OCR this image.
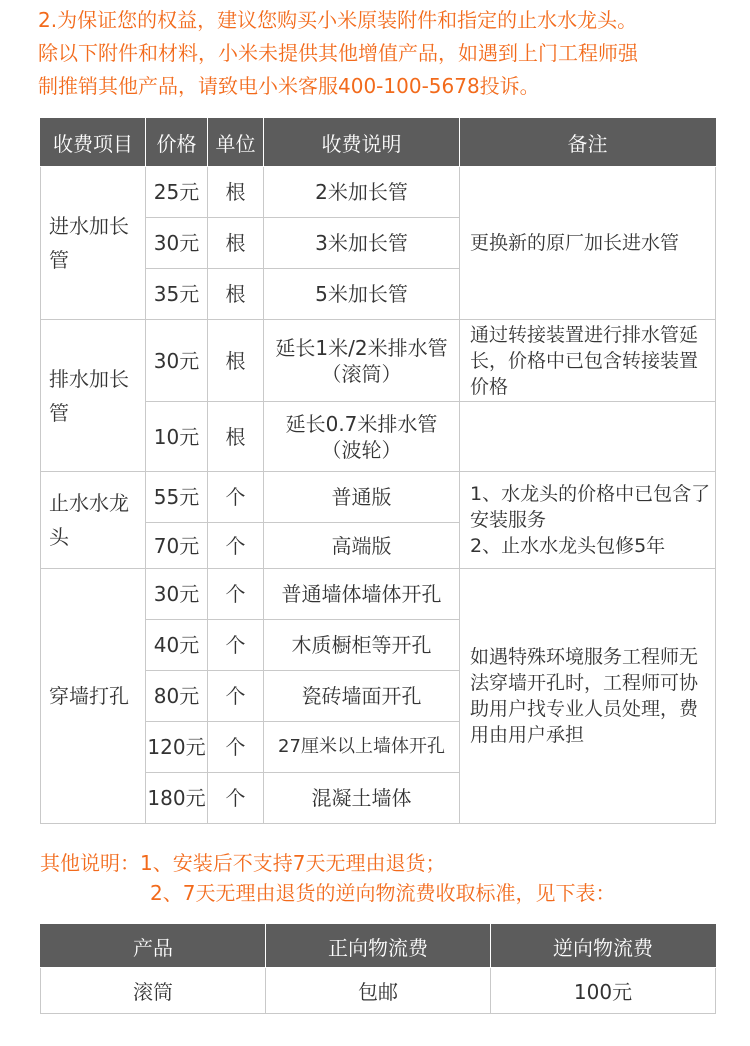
2.为保证您的权益，建议您购买小米原装附件和指定的止水水龙头。

除以下附件和材料，小米未提供其他增值产品，如遇到上门工程师强

制推销其他产品，请致电小米客服400-100-5678投诉。

收费项目	价格	单位	收费说明	备注
进水加长管	25元	根	2米加长管	更换新的原厂加长进水管
	30元	根	3米加长管	
	35元	根	5米加长管	
排水加长管	30元	根	延长1米/2米排水管（滚筒）	通过转接装置进行排水管延长，价格中已包含转接装置价格
	10元	根	延长0.7米排水管（波轮）	
止水水龙头	55元	个	普通版	1、水龙头的价格中已包含了安装服务
2、止水水龙头包修5年

	70元	个	高端版	
穿墙打孔	30元	个	普通墙体墙体开孔	如遇特殊环境服务工程师无法穿墙开孔时，工程师可协助用户找专业人员处理，费用由用户承担
	40元	个	木质橱柜等开孔	
	80元	个	瓷砖墙面开孔	
	120元	个	27厘米以上墙体开孔	
	180元	个	混凝土墙体	
其他说明：1、安装后不支持7天无理由退货；
2、7天无理由退货的逆向物流费收取标准，见下表：
产品	正向物流费	逆向物流费
滚筒	包邮	100元
